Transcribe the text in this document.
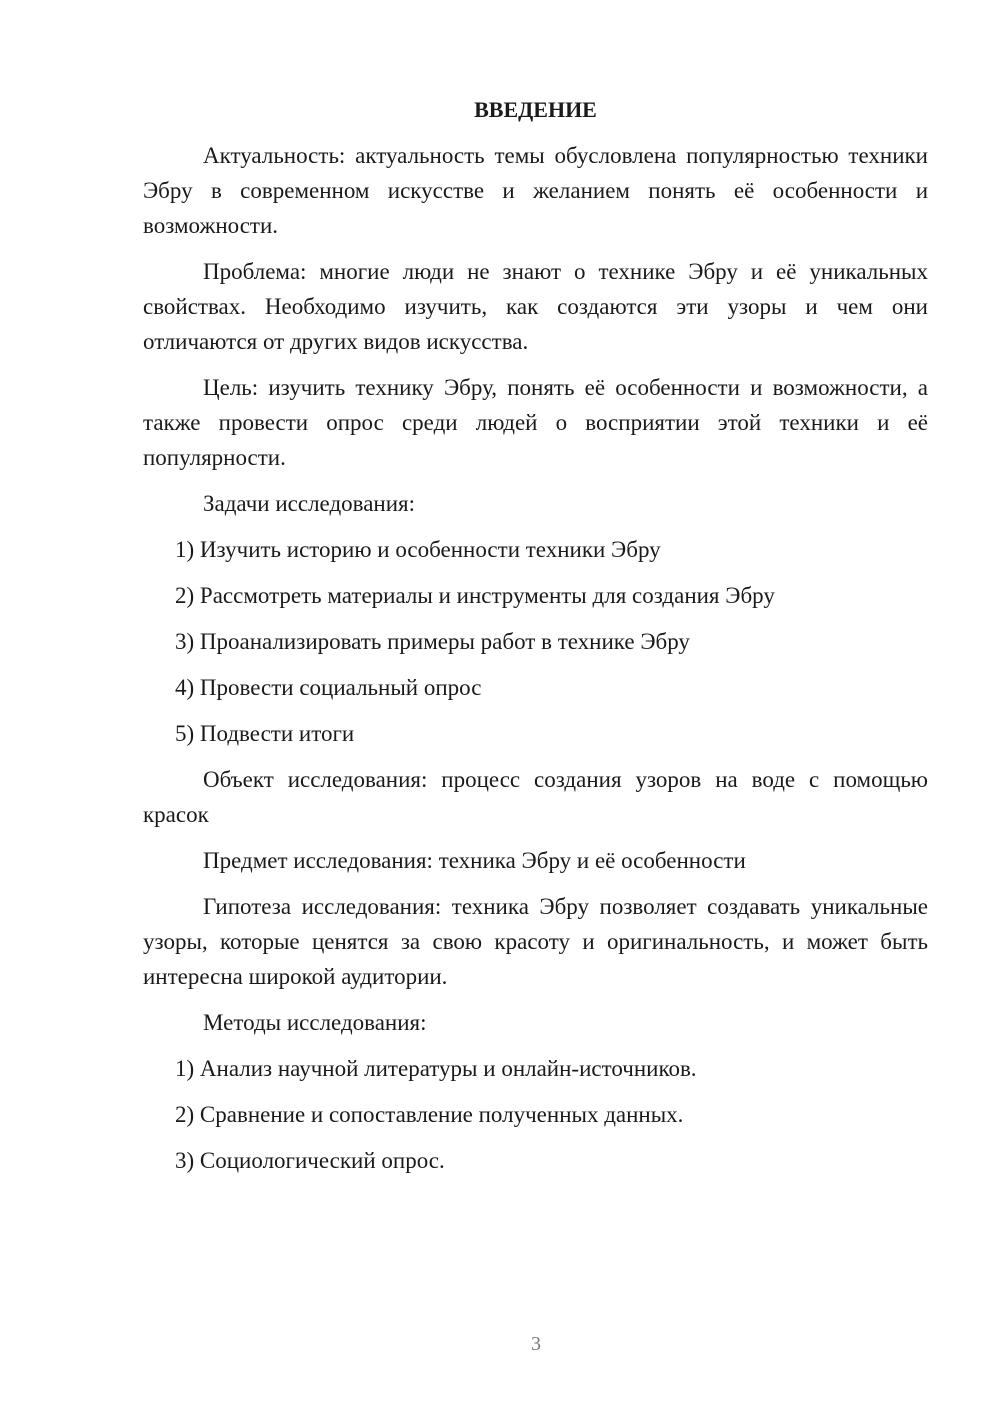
ВВЕДЕНИЕ

Актуальность: актуальность темы обусловлена популярностью техники Эбру в современном искусстве и желанием понять её особенности и возможности.

Проблема: многие люди не знают о технике Эбру и её уникальных свойствах. Необходимо изучить, как создаются эти узоры и чем они отличаются от других видов искусства.

Цель: изучить технику Эбру, понять её особенности и возможности, а также провести опрос среди людей о восприятии этой техники и её популярности.

Задачи исследования:

1) Изучить историю и особенности техники Эбру
2) Рассмотреть материалы и инструменты для создания Эбру
3) Проанализировать примеры работ в технике Эбру
4) Провести социальный опрос
5) Подвести итоги

Объект исследования: процесс создания узоров на воде с помощью красок

Предмет исследования: техника Эбру и её особенности

Гипотеза исследования: техника Эбру позволяет создавать уникальные узоры, которые ценятся за свою красоту и оригинальность, и может быть интересна широкой аудитории.

Методы исследования:

1) Анализ научной литературы и онлайн-источников.
2) Сравнение и сопоставление полученных данных.
3) Социологический опрос.
3
